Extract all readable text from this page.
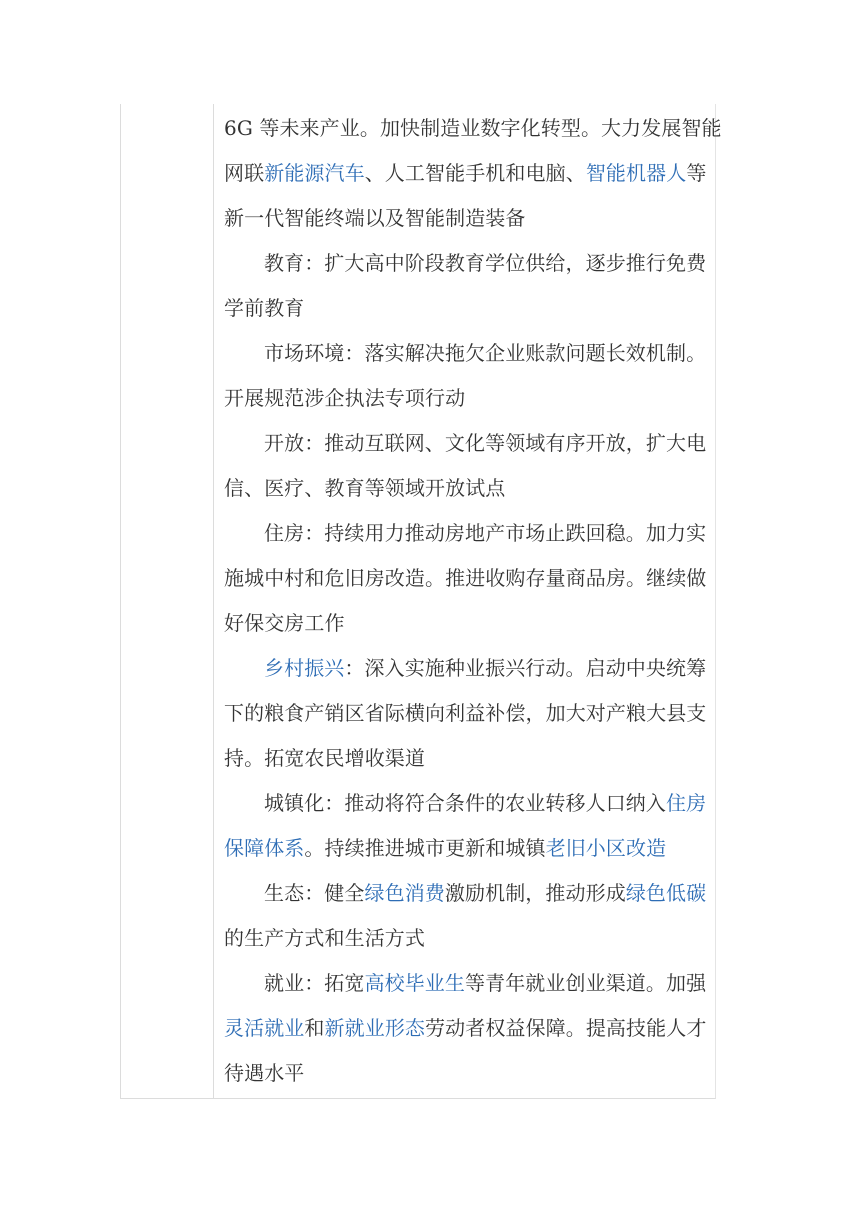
6G 等未来产业。加快制造业数字化转型。大力发展智能
网联新能源汽车、人工智能手机和电脑、智能机器人等
新一代智能终端以及智能制造装备
教育：扩大高中阶段教育学位供给，逐步推行免费
学前教育
市场环境：落实解决拖欠企业账款问题长效机制。
开展规范涉企执法专项行动
开放：推动互联网、文化等领域有序开放，扩大电
信、医疗、教育等领域开放试点
住房：持续用力推动房地产市场止跌回稳。加力实
施城中村和危旧房改造。推进收购存量商品房。继续做
好保交房工作
乡村振兴：深入实施种业振兴行动。启动中央统筹
下的粮食产销区省际横向利益补偿，加大对产粮大县支
持。拓宽农民增收渠道
城镇化：推动将符合条件的农业转移人口纳入住房
保障体系。持续推进城市更新和城镇老旧小区改造
生态：健全绿色消费激励机制，推动形成绿色低碳
的生产方式和生活方式
就业：拓宽高校毕业生等青年就业创业渠道。加强
灵活就业和新就业形态劳动者权益保障。提高技能人才
待遇水平
